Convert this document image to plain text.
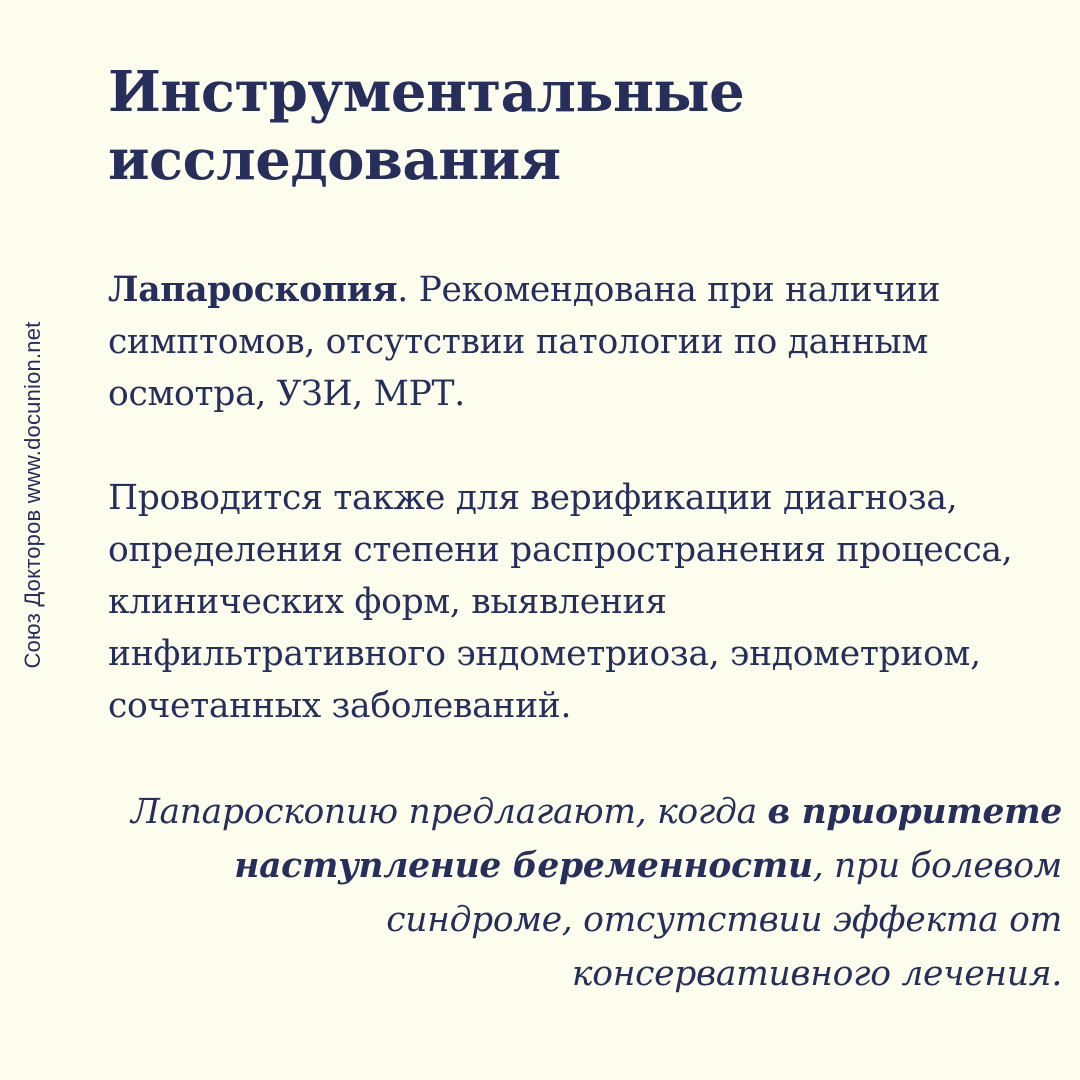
Союз Докторов www.docunion.net
Инструментальные
исследования
Лапароскопия. Рекомендована при наличии
симптомов, отсутствии патологии по данным
осмотра, УЗИ, МРТ.
Проводится также для верификации диагноза,
определения степени распространения процесса,
клинических форм, выявления
инфильтративного эндометриоза, эндометриом,
сочетанных заболеваний.
Лапароскопию предлагают, когда в приоритете
наступление беременности, при болевом
синдроме, отсутствии эффекта от
консервативного лечения.
